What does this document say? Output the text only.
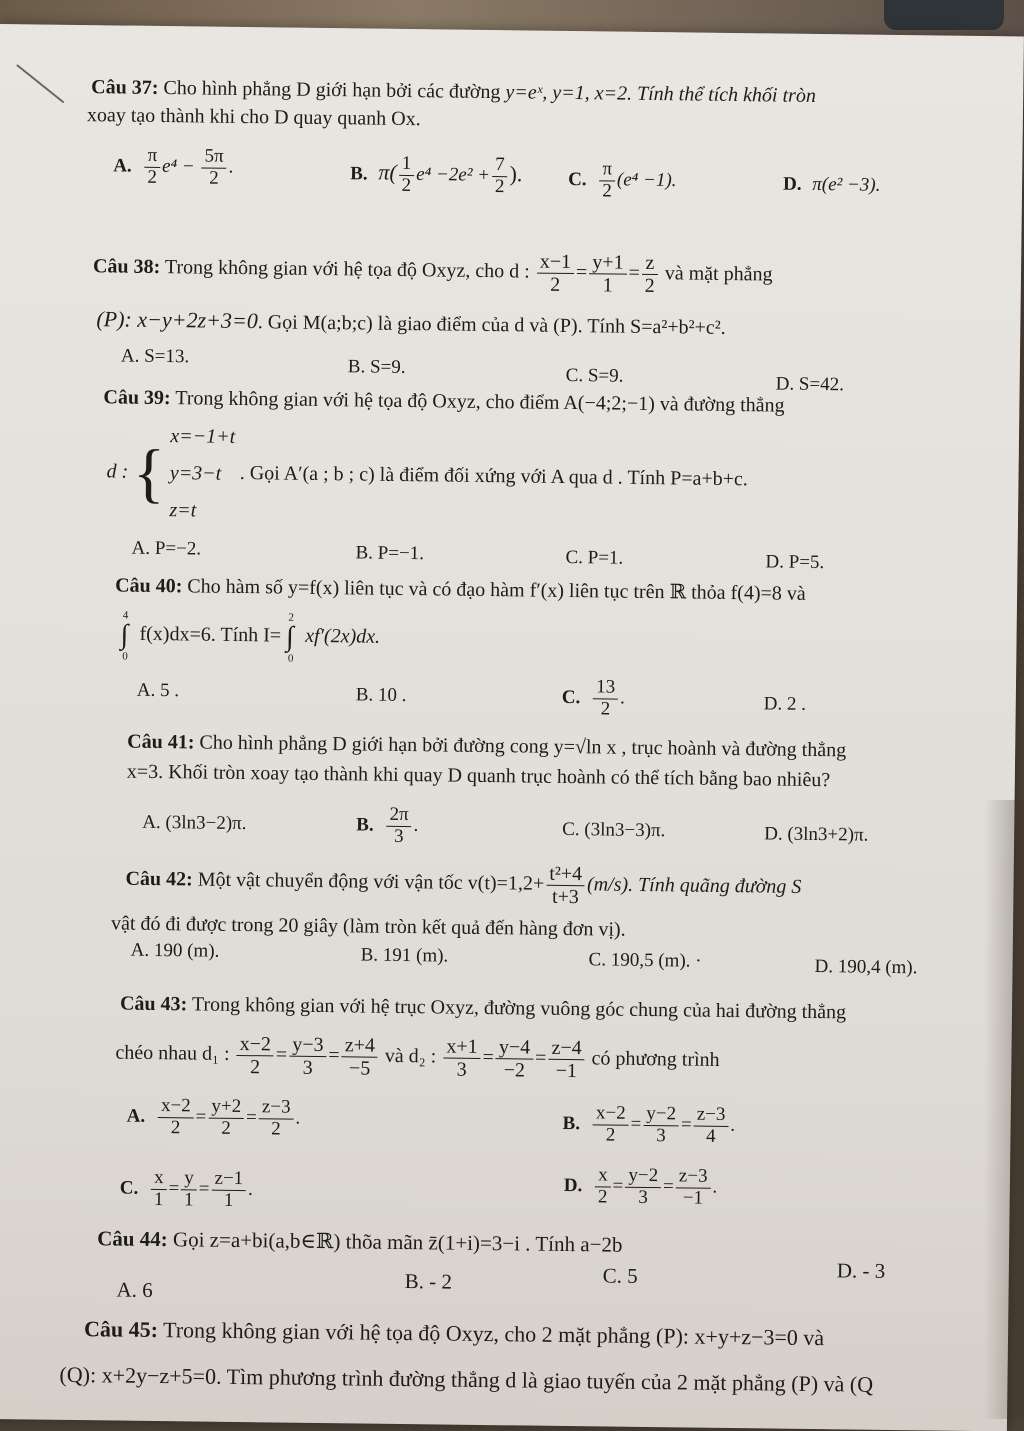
Câu 37: Cho hình phẳng D giới hạn bởi các đường y=eˣ, y=1, x=2. Tính thể tích khối tròn
xoay tạo thành khi cho D quay quanh Ox.
A. $\frac{\pi}{2} e^4 - \frac{5\pi}{2}$ .	B. $\pi( \frac{1}{2} e^4 -2e^2 + \frac{7}{2}$ ). C. $\frac{\pi}{2} (e^4 -1)$.	D. π(e² −3).
Câu 38: Trong không gian với hệ tọa độ Oxyz, cho d : $\frac{x-1}{2} = \frac{y+1}{1} = \frac{z}{2}$ và mặt phẳng
(P): x−y+2z+3=0. Gọi M(a;b;c) là giao điểm của d và (P). Tính S=a²+b²+c².
A. S=13.	B. S=9.	C. S=9.	D. S=42.
Câu 39: Trong không gian với hệ tọa độ Oxyz, cho điểm A(−4;2;−1) và đường thẳng
d : { x=−1+t
y=3−t
z=t
. Gọi A′(a ; b ; c) là điểm đối xứng với A qua d . Tính P=a+b+c.
A. P=−2.	B. P=−1.	C. P=1.	D. P=5.
Câu 40: Cho hàm số y=f(x) liên tục và có đạo hàm f′(x) liên tục trên ℝ thỏa f(4)=8 và
∫
4
0
f(x)dx=6. Tính I= ∫
2
0
xf′(2x)dx.
A. 5 .	B. 10 .	C. $\frac{13}{2}$ .	D. 2 .
Câu 41: Cho hình phẳng D giới hạn bởi đường cong y=√ln x , trục hoành và đường thẳng
x=3. Khối tròn xoay tạo thành khi quay D quanh trục hoành có thể tích bằng bao nhiêu?
A. (3ln3−2)π.	B. $\frac{2\pi}{3}$ .	C. (3ln3−3)π.	D. (3ln3+2)π.
Câu 42: Một vật chuyển động với vận tốc $v(t)=1,2+ \frac{\text{t²+4}}{t+3} (m/s)$. Tính quãng đường S
vật đó đi được trong 20 giây (làm tròn kết quả đến hàng đơn vị).
A. 190 (m).	B. 191 (m).	C. 190,5 (m). ·	D. 190,4 (m).
Câu 43: Trong không gian với hệ trục Oxyz, đường vuông góc chung của hai đường thẳng
chéo nhau d₁ : $\frac{x-2}{2} = \frac{y-3}{3} = \frac{z+4}{-5}$ và d₂ : $\frac{x+1}{3} = \frac{y-4}{-2} = \frac{z-4}{-1}$ có phương trình
A. $\frac{x-2}{2} = \frac{y+2}{2} = \frac{z-3}{2}$ .	B. $\frac{x-2}{2} = \frac{y-2}{3} = \frac{z-3}{4}$ .
C. $\frac{x}{1} = \frac{y}{1} = \frac{z-1}{1}$ .	D. $\frac{x}{2} = \frac{y-2}{3} = \frac{z-3}{-1}$ .
Câu 44: Gọi z=a+bi(a,b∈ℝ) thõa mãn z̄(1+i)=3−i . Tính a−2b
A. 6	B. - 2	C. 5	D. - 3
Câu 45: Trong không gian với hệ tọa độ Oxyz, cho 2 mặt phẳng (P): x+y+z−3=0 và
(Q): x+2y−z+5=0. Tìm phương trình đường thẳng d là giao tuyến của 2 mặt phẳng (P) và (Q
